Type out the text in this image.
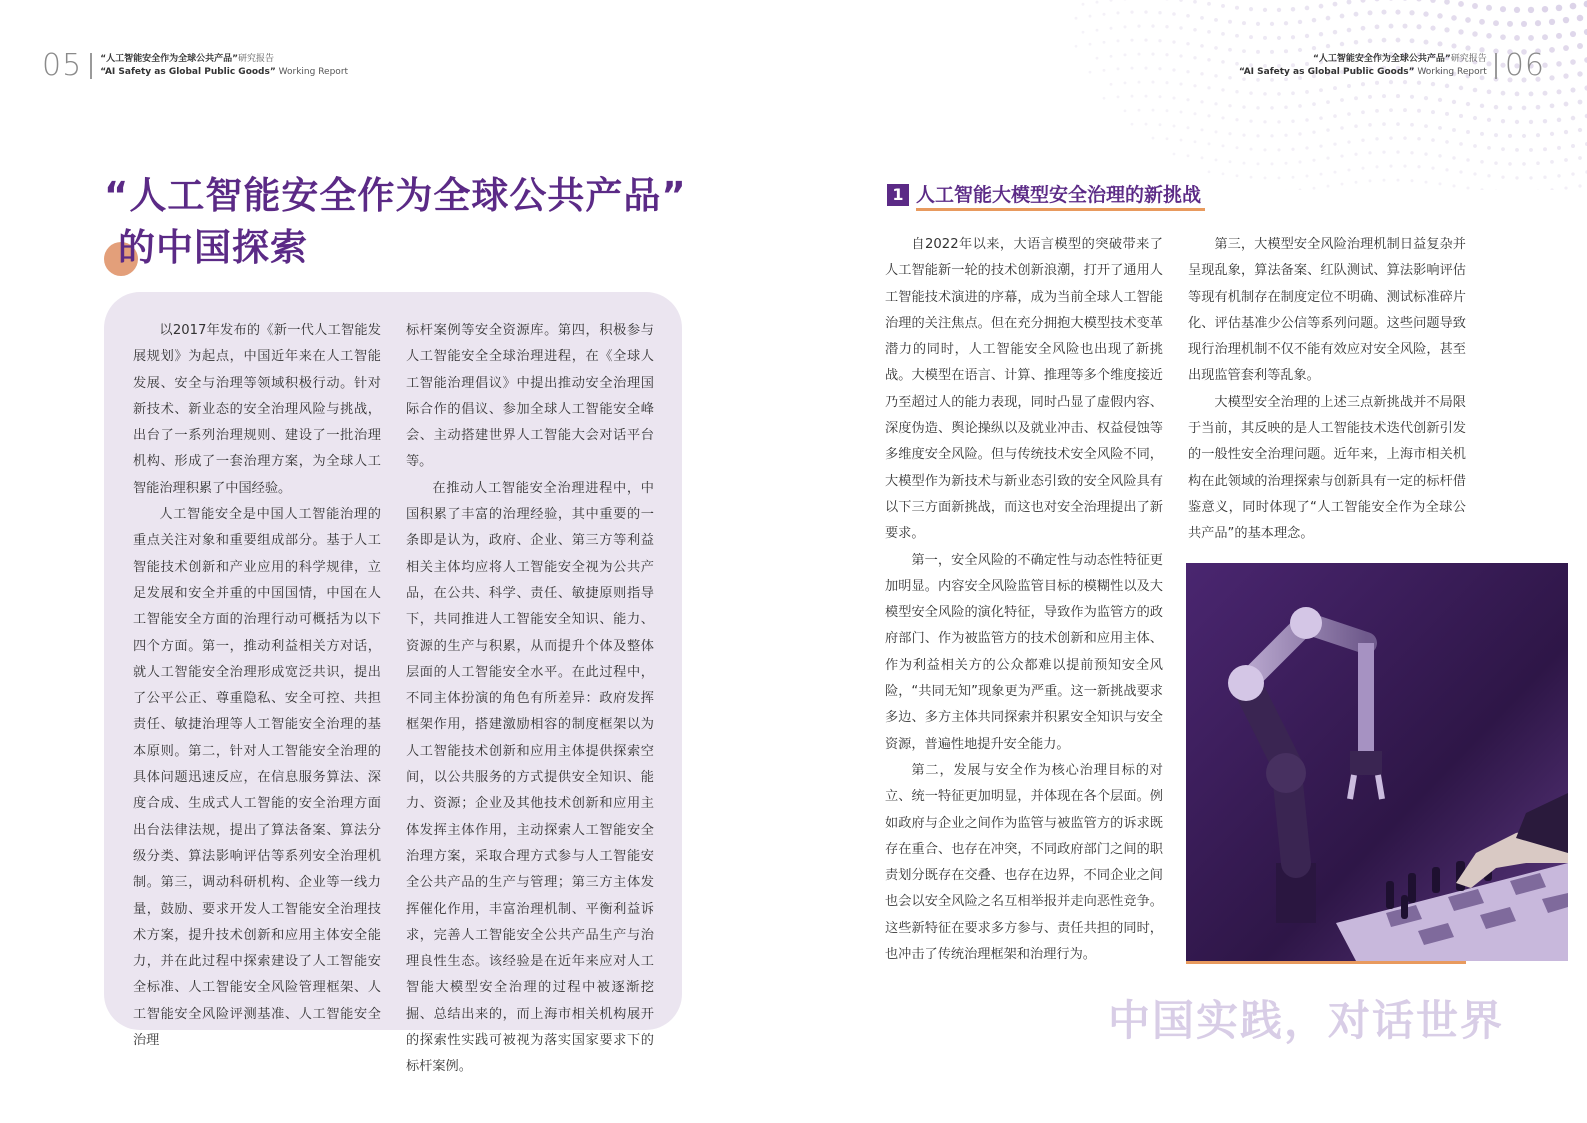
05 “人工智能安全作为全球公共产品”研究报告
“AI Safety as Global Public Goods” Working Report
“人工智能安全作为全球公共产品”
的中国探索

以2017年发布的《新一代人工智能发展规划》为起点，中国近年来在人工智能发展、安全与治理等领域积极行动。针对新技术、新业态的安全治理风险与挑战，出台了一系列治理规则、建设了一批治理机构、形成了一套治理方案，为全球人工智能治理积累了中国经验。

人工智能安全是中国人工智能治理的重点关注对象和重要组成部分。基于人工智能技术创新和产业应用的科学规律，立足发展和安全并重的中国国情，中国在人工智能安全方面的治理行动可概括为以下四个方面。第一，推动利益相关方对话，就人工智能安全治理形成宽泛共识，提出了公平公正、尊重隐私、安全可控、共担责任、敏捷治理等人工智能安全治理的基本原则。第二，针对人工智能安全治理的具体问题迅速反应，在信息服务算法、深度合成、生成式人工智能的安全治理方面出台法律法规，提出了算法备案、算法分级分类、算法影响评估等系列安全治理机制。第三，调动科研机构、企业等一线力量，鼓励、要求开发人工智能安全治理技术方案，提升技术创新和应用主体安全能力，并在此过程中探索建设了人工智能安全标准、人工智能安全风险管理框架、人工智能安全风险评测基准、人工智能安全治理

标杆案例等安全资源库。第四，积极参与人工智能安全全球治理进程，在《全球人工智能治理倡议》中提出推动安全治理国际合作的倡议、参加全球人工智能安全峰会、主动搭建世界人工智能大会对话平台等。

在推动人工智能安全治理进程中，中国积累了丰富的治理经验，其中重要的一条即是认为，政府、企业、第三方等利益相关主体均应将人工智能安全视为公共产品，在公共、科学、责任、敏捷原则指导下，共同推进人工智能安全知识、能力、资源的生产与积累，从而提升个体及整体层面的人工智能安全水平。在此过程中，不同主体扮演的角色有所差异：政府发挥框架作用，搭建激励相容的制度框架以为人工智能技术创新和应用主体提供探索空间，以公共服务的方式提供安全知识、能力、资源；企业及其他技术创新和应用主体发挥主体作用，主动探索人工智能安全治理方案，采取合理方式参与人工智能安全公共产品的生产与管理；第三方主体发挥催化作用，丰富治理机制、平衡利益诉求，完善人工智能安全公共产品生产与治理良性生态。该经验是在近年来应对人工智能大模型安全治理的过程中被逐渐挖掘、总结出来的，而上海市相关机构展开的探索性实践可被视为落实国家要求下的标杆案例。

“人工智能安全作为全球公共产品”研究报告
“AI Safety as Global Public Goods” Working Report 06
1 人工智能大模型安全治理的新挑战

自2022年以来，大语言模型的突破带来了人工智能新一轮的技术创新浪潮，打开了通用人工智能技术演进的序幕，成为当前全球人工智能治理的关注焦点。但在充分拥抱大模型技术变革潜力的同时，人工智能安全风险也出现了新挑战。大模型在语言、计算、推理等多个维度接近乃至超过人的能力表现，同时凸显了虚假内容、深度伪造、舆论操纵以及就业冲击、权益侵蚀等多维度安全风险。但与传统技术安全风险不同，大模型作为新技术与新业态引致的安全风险具有以下三方面新挑战，而这也对安全治理提出了新要求。

第一，安全风险的不确定性与动态性特征更加明显。内容安全风险监管目标的模糊性以及大模型安全风险的演化特征，导致作为监管方的政府部门、作为被监管方的技术创新和应用主体、作为利益相关方的公众都难以提前预知安全风险，“共同无知”现象更为严重。这一新挑战要求多边、多方主体共同探索并积累安全知识与安全资源，普遍性地提升安全能力。

第二，发展与安全作为核心治理目标的对立、统一特征更加明显，并体现在各个层面。例如政府与企业之间作为监管与被监管方的诉求既存在重合、也存在冲突，不同政府部门之间的职责划分既存在交叠、也存在边界，不同企业之间也会以安全风险之名互相举报并走向恶性竞争。这些新特征在要求多方参与、责任共担的同时，也冲击了传统治理框架和治理行为。

第三，大模型安全风险治理机制日益复杂并呈现乱象，算法备案、红队测试、算法影响评估等现有机制存在制度定位不明确、测试标准碎片化、评估基准少公信等系列问题。这些问题导致现行治理机制不仅不能有效应对安全风险，甚至出现监管套利等乱象。

大模型安全治理的上述三点新挑战并不局限于当前，其反映的是人工智能技术迭代创新引发的一般性安全治理问题。近年来，上海市相关机构在此领域的治理探索与创新具有一定的标杆借鉴意义，同时体现了“人工智能安全作为全球公共产品”的基本理念。

中国实践，对话世界
